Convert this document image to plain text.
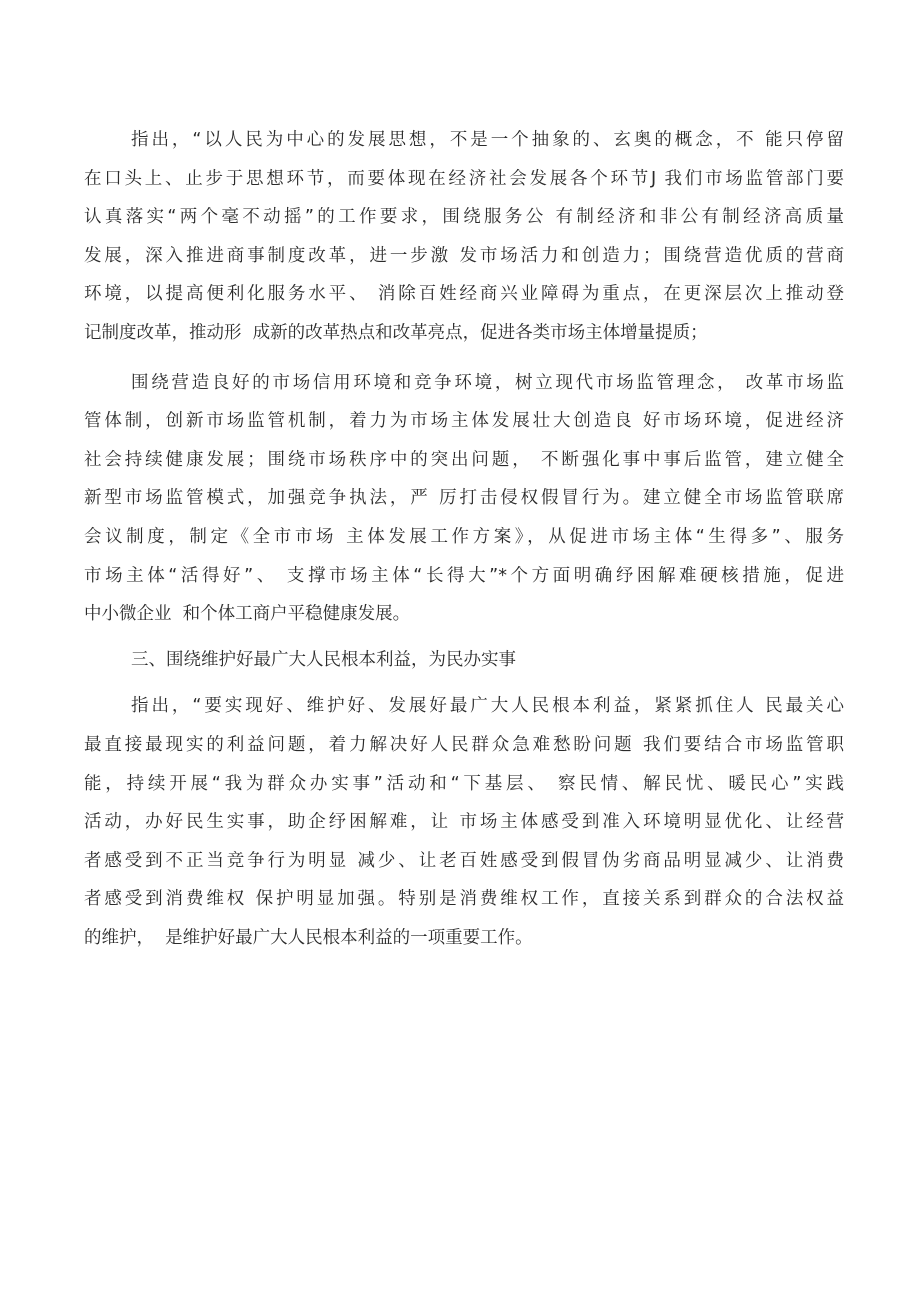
指出，“以人民为中心的发展思想，不是一个抽象的、玄奥的概念，不 能只停留
在口头上、止步于思想环节，而要体现在经济社会发展各个环节J 我们市场监管部门要
认真落实“两个毫不动摇”的工作要求，围绕服务公 有制经济和非公有制经济高质量
发展，深入推进商事制度改革，进一步激 发市场活力和创造力；围绕营造优质的营商
环境，以提高便利化服务水平、 消除百姓经商兴业障碍为重点，在更深层次上推动登
记制度改革，推动形  成新的改革热点和改革亮点，促进各类市场主体增量提质；
围绕营造良好的市场信用环境和竞争环境，树立现代市场监管理念， 改革市场监
管体制，创新市场监管机制，着力为市场主体发展壮大创造良 好市场环境，促进经济
社会持续健康发展；围绕市场秩序中的突出问题， 不断强化事中事后监管，建立健全
新型市场监管模式，加强竞争执法，严 厉打击侵权假冒行为。建立健全市场监管联席
会议制度，制定《全市市场 主体发展工作方案》，从促进市场主体“生得多”、服务
市场主体“活得好”、 支撑市场主体“长得大”*个方面明确纾困解难硬核措施，促进
中小微企业  和个体工商户平稳健康发展。
三、围绕维护好最广大人民根本利益，为民办实事
指出，“要实现好、维护好、发展好最广大人民根本利益，紧紧抓住人 民最关心
最直接最现实的利益问题，着力解决好人民群众急难愁盼问题 我们要结合市场监管职
能，持续开展“我为群众办实事”活动和“下基层、 察民情、解民忧、暖民心”实践
活动，办好民生实事，助企纾困解难，让 市场主体感受到准入环境明显优化、让经营
者感受到不正当竞争行为明显 减少、让老百姓感受到假冒伪劣商品明显减少、让消费
者感受到消费维权 保护明显加强。特别是消费维权工作，直接关系到群众的合法权益
的维护，  是维护好最广大人民根本利益的一项重要工作。
